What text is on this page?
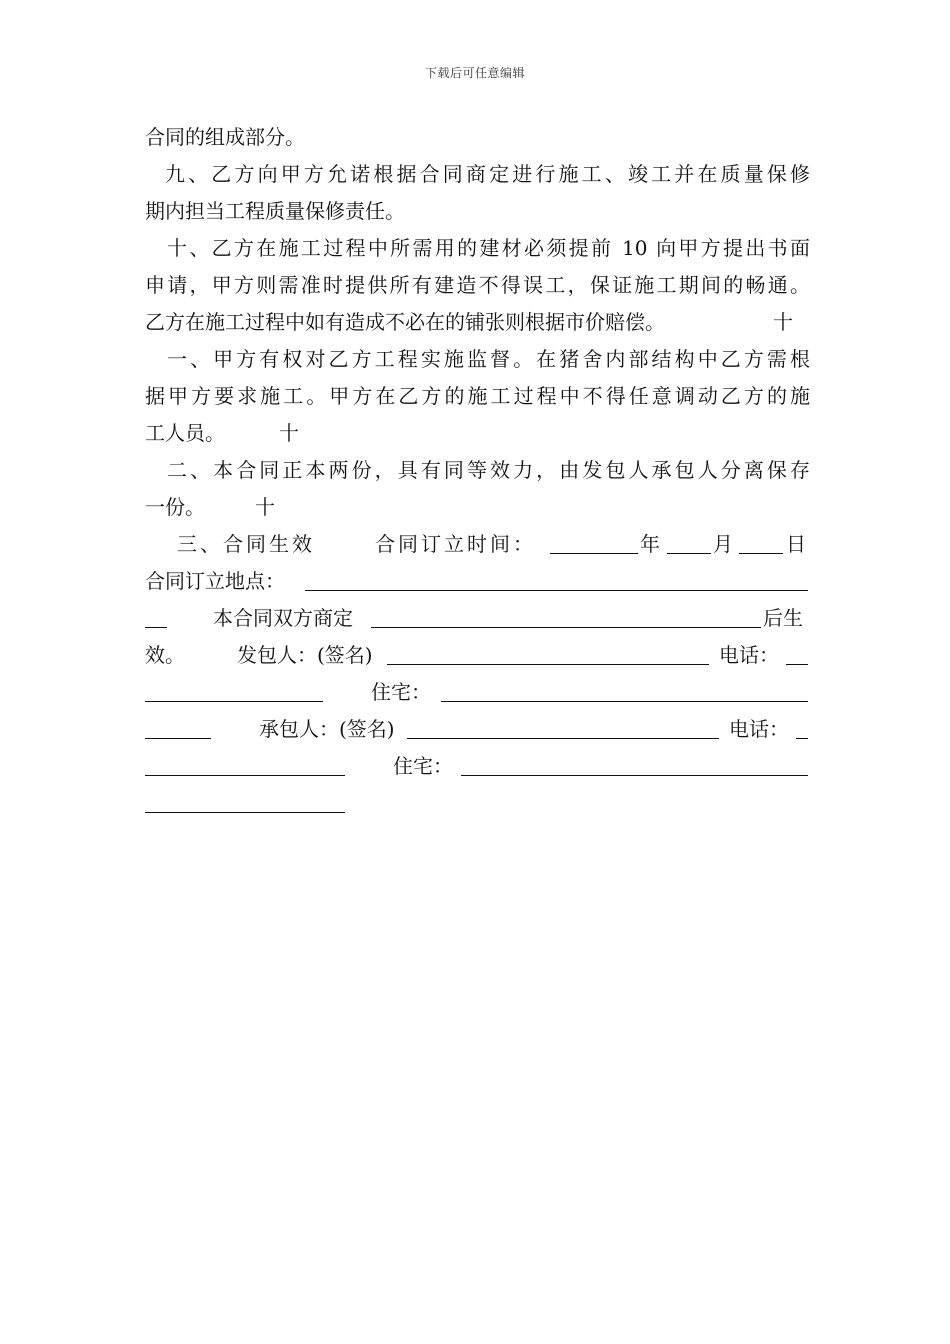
下载后可任意编辑
合同的组成部分。
九、乙方向甲方允诺根据合同商定进行施工、竣工并在质量保修
期内担当工程质量保修责任。
十、乙方在施工过程中所需用的建材必须提前 10 向甲方提出书面
申请，甲方则需准时提供所有建造不得误工，保证施工期间的畅通。
乙方在施工过程中如有造成不必在的铺张则根据市价赔偿。	十
一、甲方有权对乙方工程实施监督。在猪舍内部结构中乙方需根
据甲方要求施工。甲方在乙方的施工过程中不得任意调动乙方的施
工人员。	十
二、本合同正本两份，具有同等效力，由发包人承包人分离保存
一份。	十
三、合同生效	合同订立时间：	年	月	日
合同订立地点：
本合同双方商定	后生
效。	发包人：(签名)	电话：
住宅：
承包人：(签名)	电话：
住宅：
